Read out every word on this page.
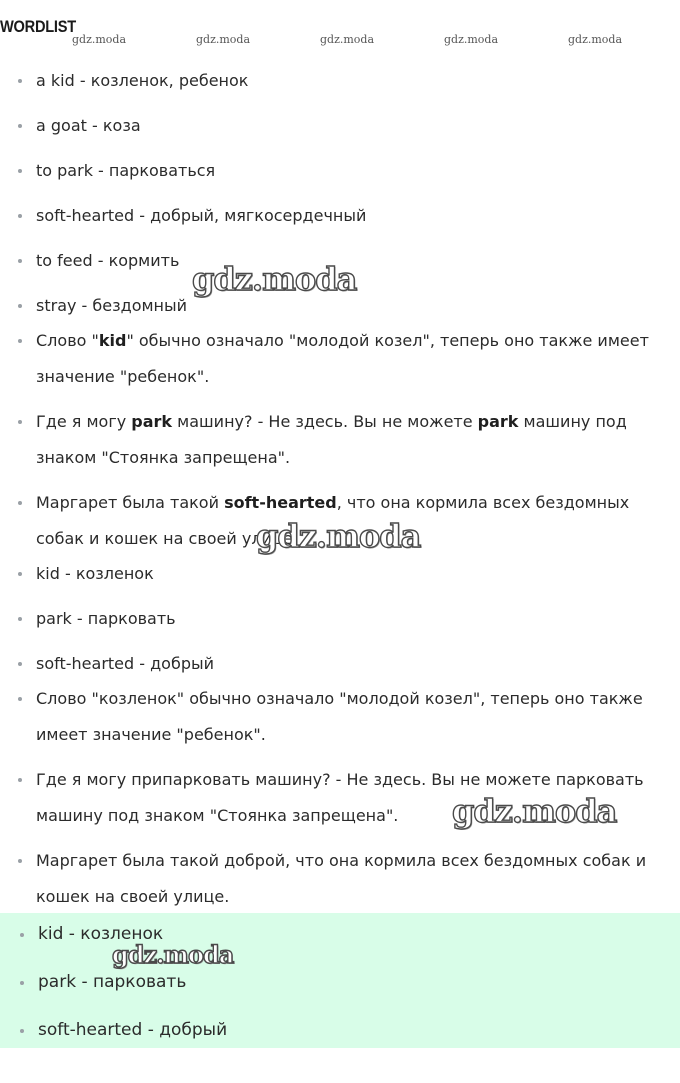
WORDLIST
gdz.moda	gdz.moda	gdz.moda	gdz.moda	gdz.moda
a kid - козленок, ребенок
a goat - коза
to park - парковаться
soft-hearted - добрый, мягкосердечный
to feed - кормить
stray - бездомный
Слово "kid" обычно означало "молодой козел", теперь оно также имеет значение "ребенок".
Где я могу park машину? - Не здесь. Вы не можете park машину под знаком "Стоянка запрещена".
Маргарет была такой soft-hearted, что она кормила всех бездомных собак и кошек на своей улице.
kid - козленок
park - парковать
soft-hearted - добрый
Слово "козленок" обычно означало "молодой козел", теперь оно также имеет значение "ребенок".
Где я могу припарковать машину? - Не здесь. Вы не можете парковать машину под знаком "Стоянка запрещена".
Маргарет была такой доброй, что она кормила всех бездомных собак и кошек на своей улице.
kid - козленок
park - парковать
soft-hearted - добрый
gdz.moda
gdz.moda
gdz.moda
gdz.moda
